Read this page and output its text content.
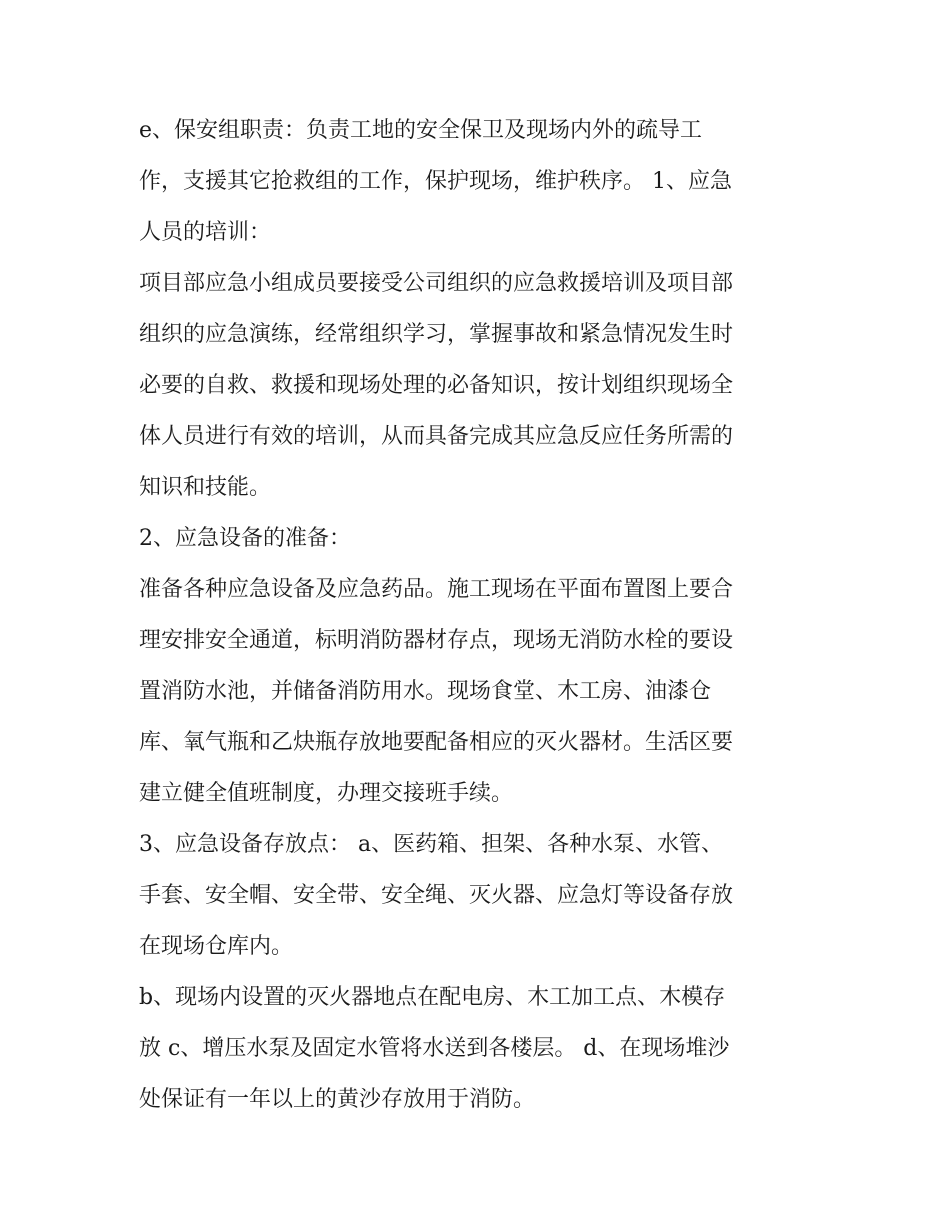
e、保安组职责：负责工地的安全保卫及现场内外的疏导工
作，支援其它抢救组的工作，保护现场，维护秩序。 1、应急
人员的培训：
项目部应急小组成员要接受公司组织的应急救援培训及项目部
组织的应急演练，经常组织学习，掌握事故和紧急情况发生时
必要的自救、救援和现场处理的必备知识，按计划组织现场全
体人员进行有效的培训，从而具备完成其应急反应任务所需的
知识和技能。
2、应急设备的准备：
准备各种应急设备及应急药品。施工现场在平面布置图上要合
理安排安全通道，标明消防器材存点，现场无消防水栓的要设
置消防水池，并储备消防用水。现场食堂、木工房、油漆仓
库、氧气瓶和乙炔瓶存放地要配备相应的灭火器材。生活区要
建立健全值班制度，办理交接班手续。
3、应急设备存放点： a、医药箱、担架、各种水泵、水管、
手套、安全帽、安全带、安全绳、灭火器、应急灯等设备存放
在现场仓库内。
b、现场内设置的灭火器地点在配电房、木工加工点、木模存
放 c、增压水泵及固定水管将水送到各楼层。 d、在现场堆沙
处保证有一年以上的黄沙存放用于消防。
